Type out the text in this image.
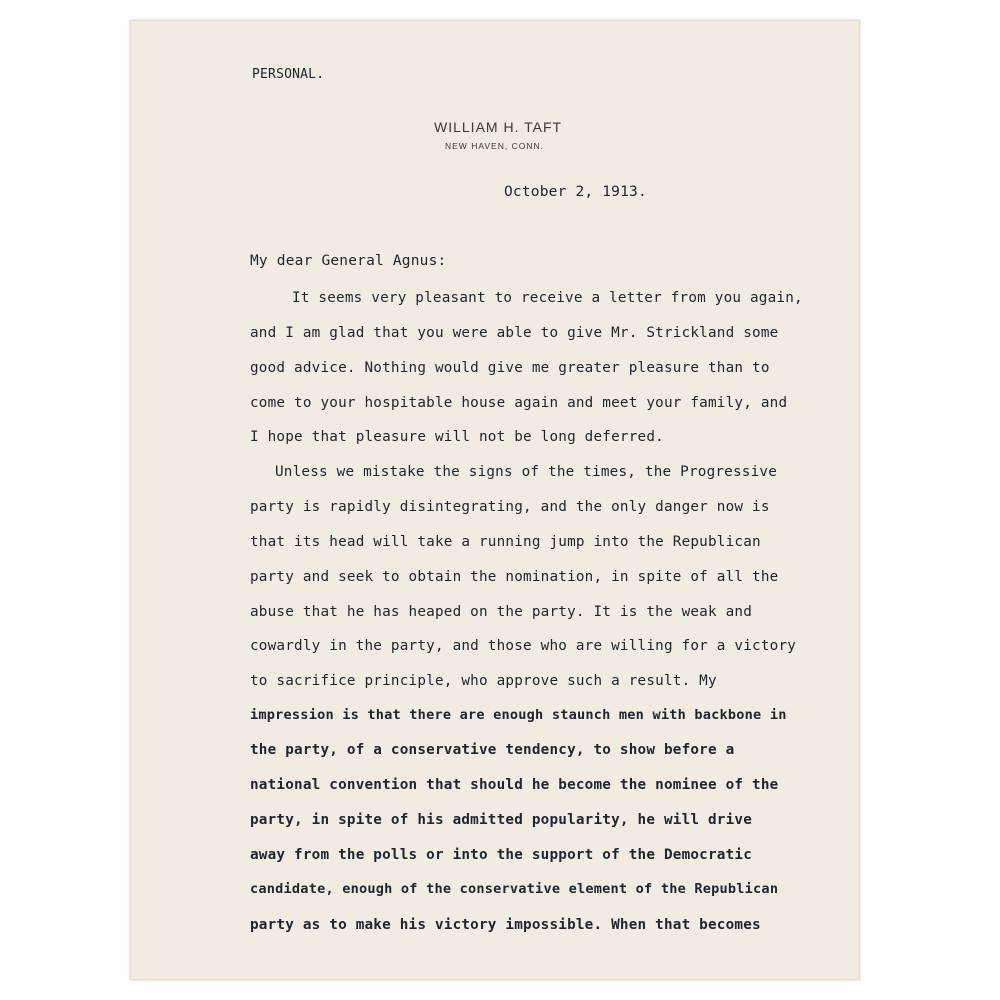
PERSONAL.
WILLIAM H. TAFT
NEW HAVEN, CONN.
October 2, 1913.
My dear General Agnus:
It seems very pleasant to receive a letter from you again,
and I am glad that you were able to give Mr. Strickland some
good advice. Nothing would give me greater pleasure than to
come to your hospitable house again and meet your family, and
I hope that pleasure will not be long deferred.
Unless we mistake the signs of the times, the Progressive
party is rapidly disintegrating, and the only danger now is
that its head will take a running jump into the Republican
party and seek to obtain the nomination, in spite of all the
abuse that he has heaped on the party. It is the weak and
cowardly in the party, and those who are willing for a victory
to sacrifice principle, who approve such a result. My
impression is that there are enough staunch men with backbone in
the party, of a conservative tendency, to show before a
national convention that should he become the nominee of the
party, in spite of his admitted popularity, he will drive
away from the polls or into the support of the Democratic
candidate, enough of the conservative element of the Republican
party as to make his victory impossible. When that becomes
